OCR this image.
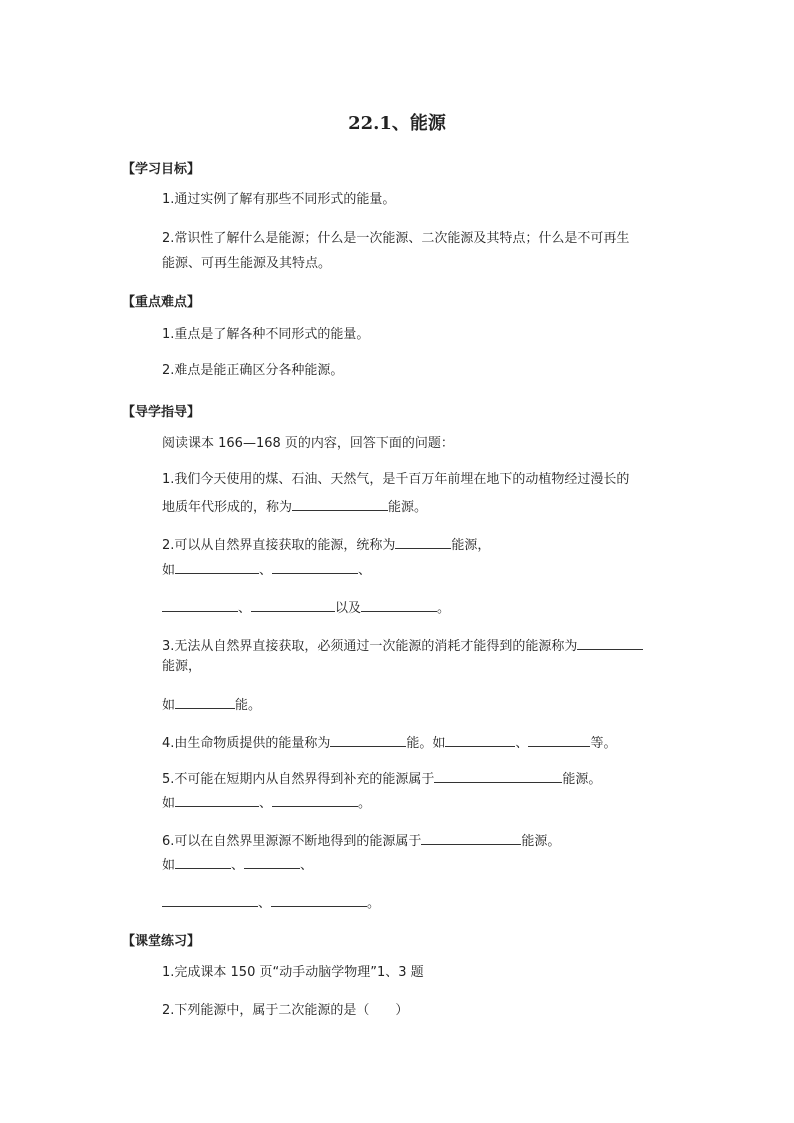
22.1、能源
【学习目标】
1.通过实例了解有那些不同形式的能量。
2.常识性了解什么是能源；什么是一次能源、二次能源及其特点；什么是不可再生
能源、可再生能源及其特点。
【重点难点】
1.重点是了解各种不同形式的能量。
2.难点是能正确区分各种能源。
【导学指导】
阅读课本 166—168 页的内容，回答下面的问题：
1.我们今天使用的煤、石油、天然气，是千百万年前埋在地下的动植物经过漫长的
地质年代形成的，称为	能源。
2.可以从自然界直接获取的能源，统称为	能源，
如	、	、
、	以及	。
3.无法从自然界直接获取，必须通过一次能源的消耗才能得到的能源称为
能源，
如	能。
4.由生命物质提供的能量称为	能。如	、	等。
5.不可能在短期内从自然界得到补充的能源属于	能源。
如	、	。
6.可以在自然界里源源不断地得到的能源属于	能源。
如	、	、
、	。
【课堂练习】
1.完成课本 150 页“动手动脑学物理”1、3 题
2.下列能源中，属于二次能源的是（　　）
